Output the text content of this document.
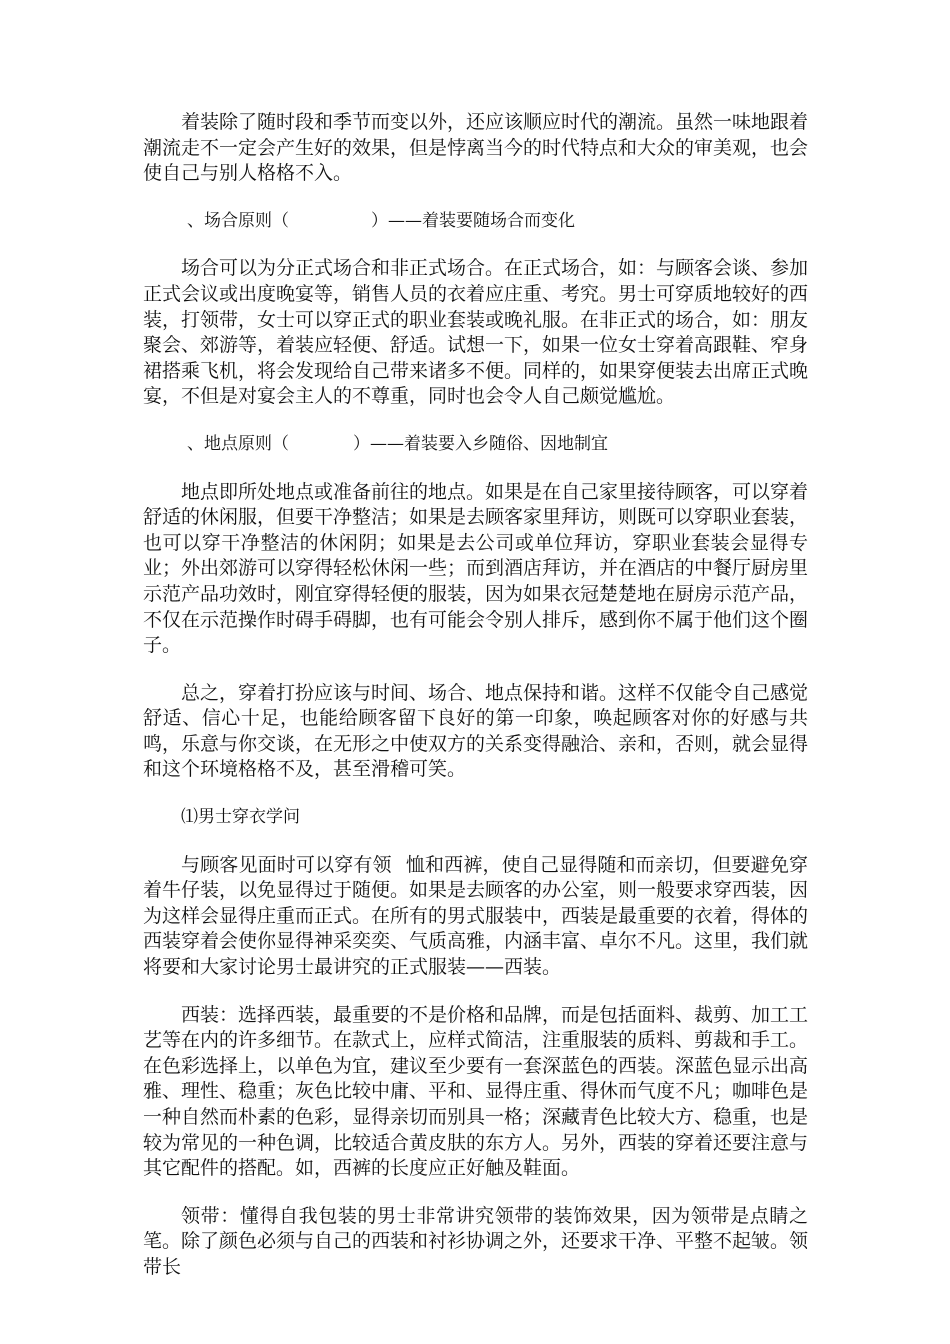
着装除了随时段和季节而变以外，还应该顺应时代的潮流。虽然一味地跟着潮流走不一定会产生好的效果，但是悖离当今的时代特点和大众的审美观，也会使自己与别人格格不入。

、场合原则（	）——着装要随场合而变化

场合可以为分正式场合和非正式场合。在正式场合，如：与顾客会谈、参加正式会议或出度晚宴等，销售人员的衣着应庄重、考究。男士可穿质地较好的西装，打领带，女士可以穿正式的职业套装或晚礼服。在非正式的场合，如：朋友聚会、郊游等，着装应轻便、舒适。试想一下，如果一位女士穿着高跟鞋、窄身裙搭乘飞机，将会发现给自己带来诸多不便。同样的，如果穿便装去出席正式晚宴，不但是对宴会主人的不尊重，同时也会令人自己颇觉尴尬。

、地点原则（	）——着装要入乡随俗、因地制宜

地点即所处地点或准备前往的地点。如果是在自己家里接待顾客，可以穿着舒适的休闲服，但要干净整洁；如果是去顾客家里拜访，则既可以穿职业套装，也可以穿干净整洁的休闲阴；如果是去公司或单位拜访，穿职业套装会显得专业；外出郊游可以穿得轻松休闲一些；而到酒店拜访，并在酒店的中餐厅厨房里示范产品功效时，刚宜穿得轻便的服装，因为如果衣冠楚楚地在厨房示范产品，不仅在示范操作时碍手碍脚，也有可能会令别人排斥，感到你不属于他们这个圈子。

总之，穿着打扮应该与时间、场合、地点保持和谐。这样不仅能令自己感觉舒适、信心十足，也能给顾客留下良好的第一印象，唤起顾客对你的好感与共鸣，乐意与你交谈，在无形之中使双方的关系变得融洽、亲和，否则，就会显得和这个环境格格不及，甚至滑稽可笑。

⑴男士穿衣学问

与顾客见面时可以穿有领 恤和西裤，使自己显得随和而亲切，但要避免穿着牛仔装，以免显得过于随便。如果是去顾客的办公室，则一般要求穿西装，因为这样会显得庄重而正式。在所有的男式服装中，西装是最重要的衣着，得体的西装穿着会使你显得神采奕奕、气质高雅，内涵丰富、卓尔不凡。这里，我们就将要和大家讨论男士最讲究的正式服装——西装。

西装：选择西装，最重要的不是价格和品牌，而是包括面料、裁剪、加工工艺等在内的许多细节。在款式上，应样式简洁，注重服装的质料、剪裁和手工。在色彩选择上，以单色为宜，建议至少要有一套深蓝色的西装。深蓝色显示出高雅、理性、稳重；灰色比较中庸、平和、显得庄重、得休而气度不凡；咖啡色是一种自然而朴素的色彩，显得亲切而别具一格；深藏青色比较大方、稳重，也是较为常见的一种色调，比较适合黄皮肤的东方人。另外，西装的穿着还要注意与其它配件的搭配。如，西裤的长度应正好触及鞋面。

领带：懂得自我包装的男士非常讲究领带的装饰效果，因为领带是点睛之笔。除了颜色必须与自己的西装和衬衫协调之外，还要求干净、平整不起皱。领带长
